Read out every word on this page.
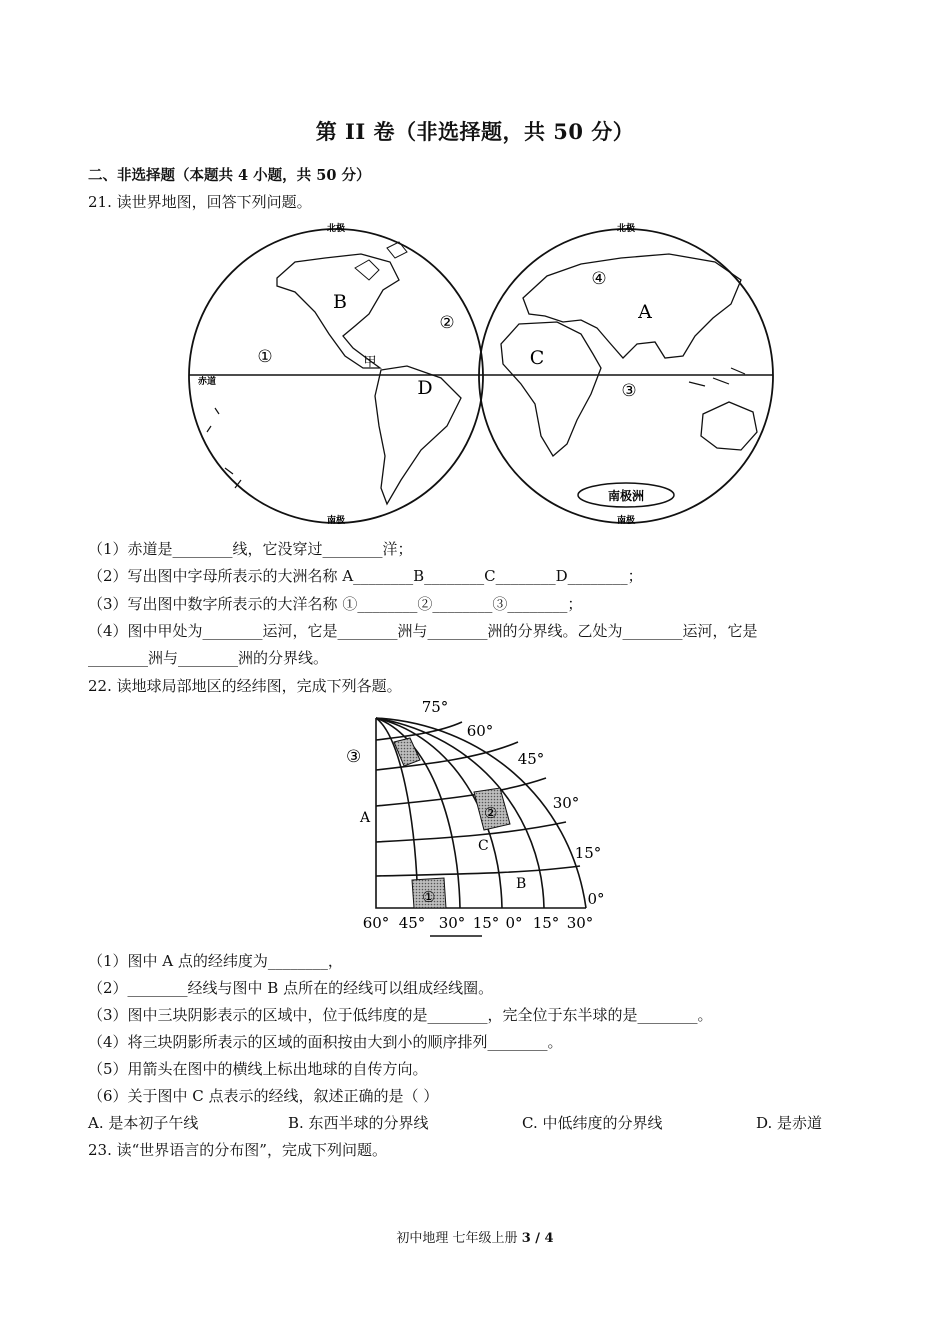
第 II 卷（非选择题，共 50 分）
二、非选择题（本题共 4 小题，共 50 分）
21. 读世界地图，回答下列问题。
北极	北极
南极	南极
赤道
B
D
A
C
①
②
③
④
甲
南极洲
（1）赤道是________线，它没穿过________洋；
（2）写出图中字母所表示的大洲名称 A________B________C________D________；
（3）写出图中数字所表示的大洋名称 ①________②________③________；
（4）图中甲处为________运河，它是________洲与________洲的分界线。乙处为________运河，它是
________洲与________洲的分界线。
22. 读地球局部地区的经纬图，完成下列各题。
75°
60°
45°
30°
15°
0°
60° 45° 30° 15° 0° 15° 30°
A
B
C
③
②
①
（1）图中 A 点的经纬度为________，
（2）________经线与图中 B 点所在的经线可以组成经线圈。
（3）图中三块阴影表示的区域中，位于低纬度的是________，完全位于东半球的是________。
（4）将三块阴影所表示的区域的面积按由大到小的顺序排列________。
（5）用箭头在图中的横线上标出地球的自传方向。
（6）关于图中 C 点表示的经线，叙述正确的是（ ）
A. 是本初子午线	B. 东西半球的分界线	C. 中低纬度的分界线	D. 是赤道
23. 读“世界语言的分布图”，完成下列问题。
初中地理 七年级上册 3 / 4
